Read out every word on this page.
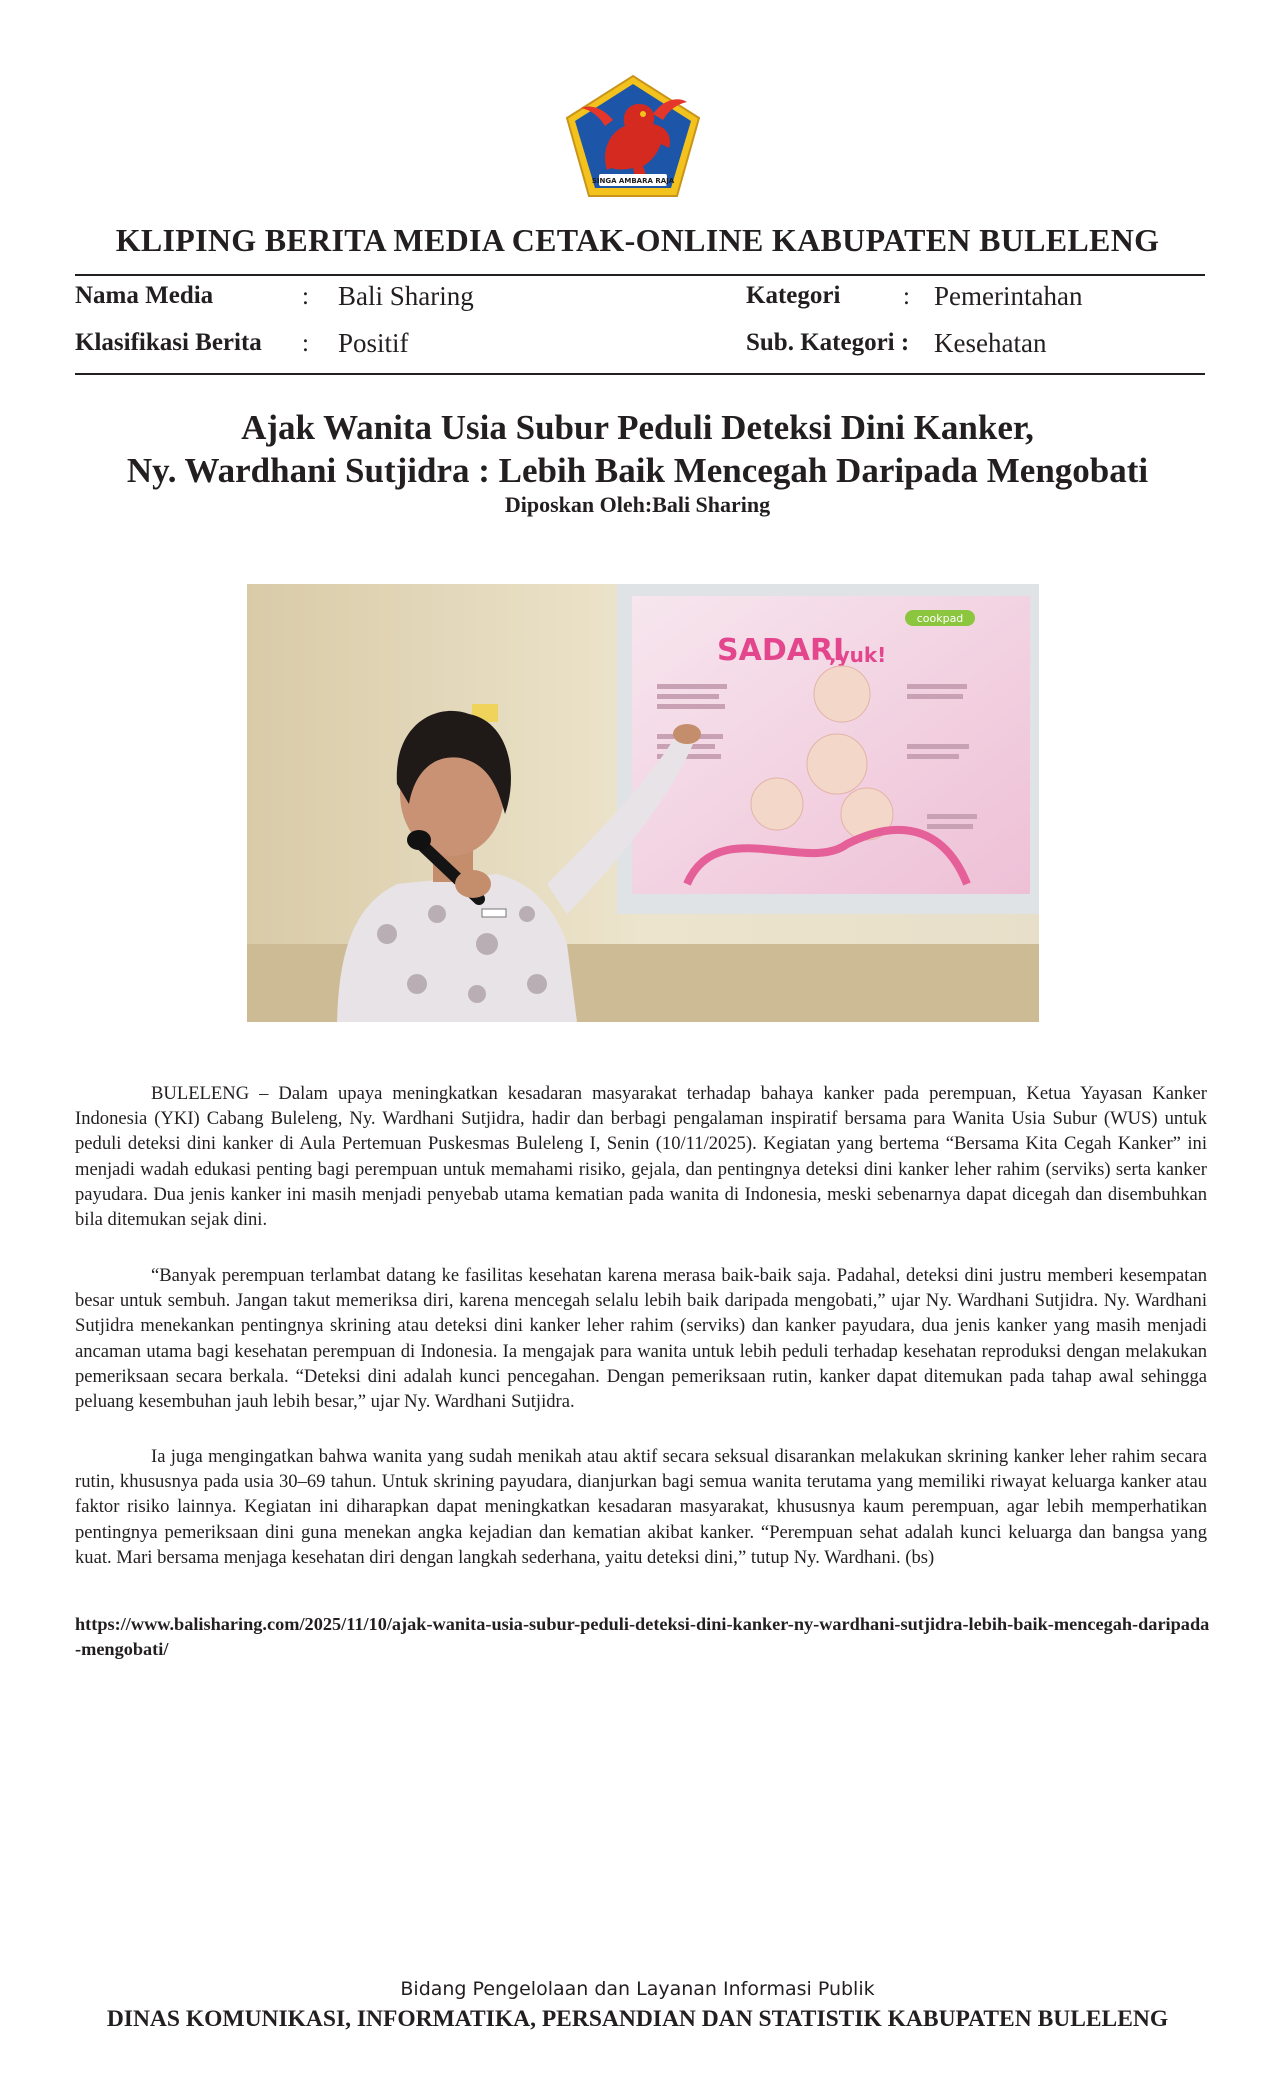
SINGA AMBARA RAJA
KLIPING BERITA MEDIA CETAK-ONLINE KABUPATEN BULELENG
Nama Media	: Bali Sharing	Kategori	: Pemerintahan
Klasifikasi Berita : Positif	Sub. Kategori : Kesehatan
Ajak Wanita Usia Subur Peduli Deteksi Dini Kanker,
Ny. Wardhani Sutjidra : Lebih Baik Mencegah Daripada Mengobati
Diposkan Oleh:Bali Sharing
cookpad
SADARI
,yuk!

BULELENG – Dalam upaya meningkatkan kesadaran masyarakat terhadap bahaya kanker pada perempuan, Ketua Yayasan Kanker Indonesia (YKI) Cabang Buleleng, Ny. Wardhani Sutjidra, hadir dan berbagi pengalaman inspiratif bersama para Wanita Usia Subur (WUS) untuk peduli deteksi dini kanker di Aula Pertemuan Puskesmas Buleleng I, Senin (10/11/2025). Kegiatan yang bertema “Bersama Kita Cegah Kanker” ini menjadi wadah edukasi penting bagi perempuan untuk memahami risiko, gejala, dan pentingnya deteksi dini kanker leher rahim (serviks) serta kanker payudara. Dua jenis kanker ini masih menjadi penyebab utama kematian pada wanita di Indonesia, meski sebenarnya dapat dicegah dan disembuhkan bila ditemukan sejak dini.

“Banyak perempuan terlambat datang ke fasilitas kesehatan karena merasa baik-baik saja. Padahal, deteksi dini justru memberi kesempatan besar untuk sembuh. Jangan takut memeriksa diri, karena mencegah selalu lebih baik daripada mengobati,” ujar Ny. Wardhani Sutjidra. Ny. Wardhani Sutjidra menekankan pentingnya skrining atau deteksi dini kanker leher rahim (serviks) dan kanker payudara, dua jenis kanker yang masih menjadi ancaman utama bagi kesehatan perempuan di Indonesia. Ia mengajak para wanita untuk lebih peduli terhadap kesehatan reproduksi dengan melakukan pemeriksaan secara berkala. “Deteksi dini adalah kunci pencegahan. Dengan pemeriksaan rutin, kanker dapat ditemukan pada tahap awal sehingga peluang kesembuhan jauh lebih besar,” ujar Ny. Wardhani Sutjidra.

Ia juga mengingatkan bahwa wanita yang sudah menikah atau aktif secara seksual disarankan melakukan skrining kanker leher rahim secara rutin, khususnya pada usia 30–69 tahun. Untuk skrining payudara, dianjurkan bagi semua wanita terutama yang memiliki riwayat keluarga kanker atau faktor risiko lainnya. Kegiatan ini diharapkan dapat meningkatkan kesadaran masyarakat, khususnya kaum perempuan, agar lebih memperhatikan pentingnya pemeriksaan dini guna menekan angka kejadian dan kematian akibat kanker. “Perempuan sehat adalah kunci keluarga dan bangsa yang kuat. Mari bersama menjaga kesehatan diri dengan langkah sederhana, yaitu deteksi dini,” tutup Ny. Wardhani. (bs)

https://www.balisharing.com/2025/11/10/ajak-wanita-usia-subur-peduli-deteksi-dini-kanker-ny-wardhani-sutjidra-lebih-baik-mencegah-daripada-mengobati/
Bidang Pengelolaan dan Layanan Informasi Publik
DINAS KOMUNIKASI, INFORMATIKA, PERSANDIAN DAN STATISTIK KABUPATEN BULELENG
